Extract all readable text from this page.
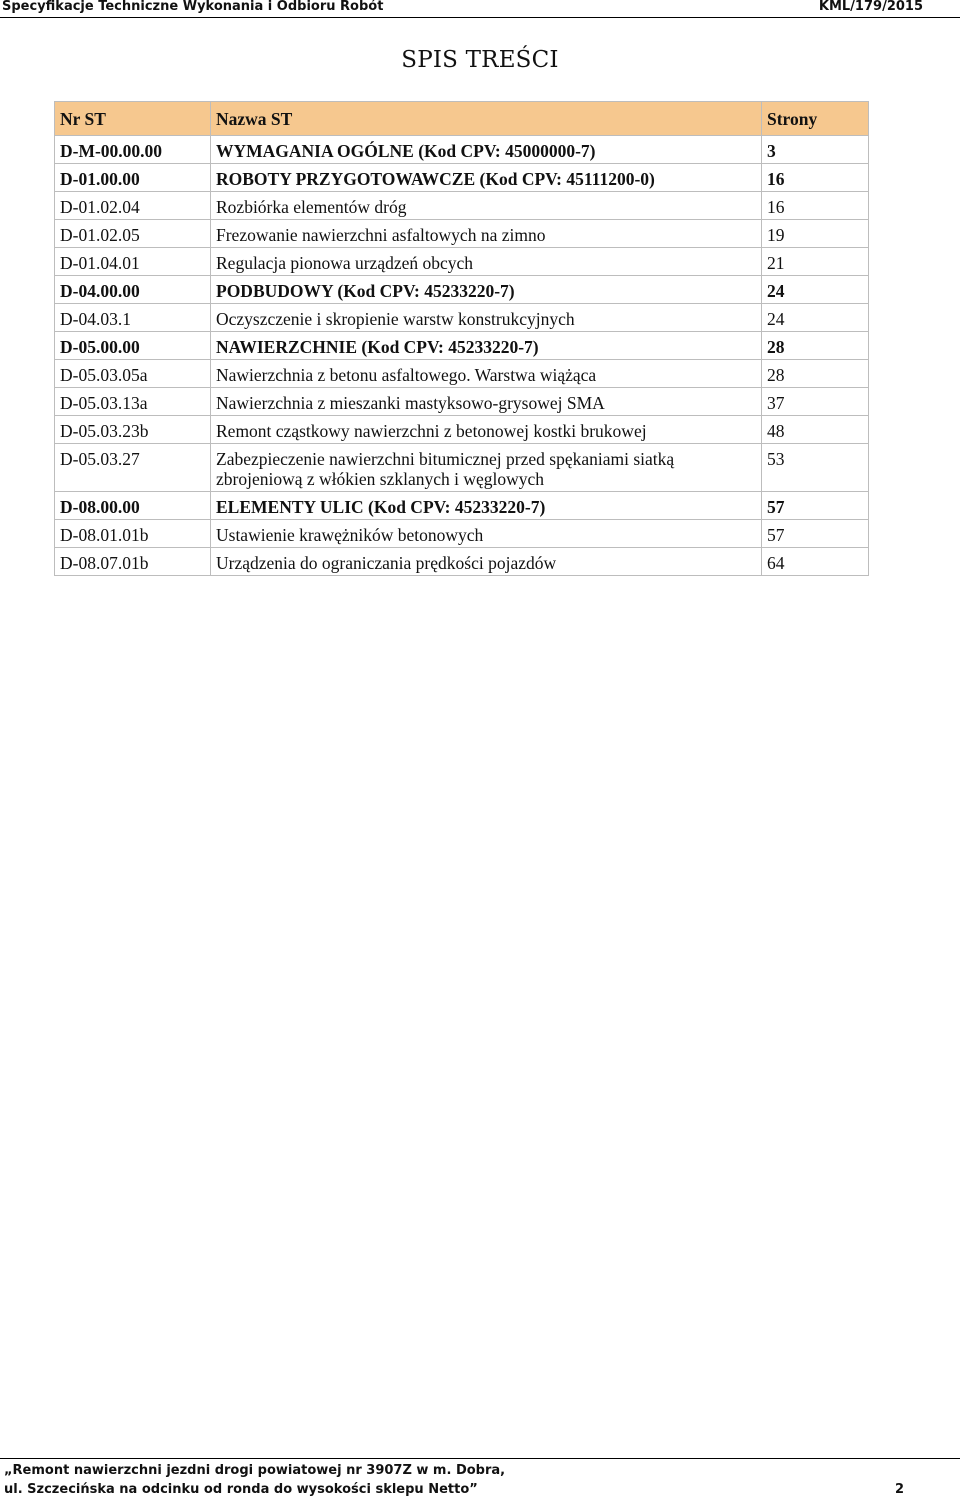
Specyfikacje Techniczne Wykonania i Odbioru Robót	KML/179/2015
SPIS TREŚCI
Nr ST	Nazwa ST	Strony
D-M-00.00.00	WYMAGANIA OGÓLNE (Kod CPV: 45000000-7)	3
D-01.00.00	ROBOTY PRZYGOTOWAWCZE (Kod CPV: 45111200-0)	16
D-01.02.04	Rozbiórka elementów dróg	16
D-01.02.05	Frezowanie nawierzchni asfaltowych na zimno	19
D-01.04.01	Regulacja pionowa urządzeń obcych	21
D-04.00.00	PODBUDOWY (Kod CPV: 45233220-7)	24
D-04.03.1	Oczyszczenie i skropienie warstw konstrukcyjnych	24
D-05.00.00	NAWIERZCHNIE (Kod CPV: 45233220-7)	28
D-05.03.05a	Nawierzchnia z betonu asfaltowego. Warstwa wiążąca	28
D-05.03.13a	Nawierzchnia z mieszanki mastyksowo-grysowej SMA	37
D-05.03.23b	Remont cząstkowy nawierzchni z betonowej kostki brukowej	48
D-05.03.27	Zabezpieczenie nawierzchni bitumicznej przed spękaniami siatką zbrojeniową z włókien szklanych i węglowych	53
D-08.00.00	ELEMENTY ULIC (Kod CPV: 45233220-7)	57
D-08.01.01b	Ustawienie krawężników betonowych	57
D-08.07.01b	Urządzenia do ograniczania prędkości pojazdów	64
„Remont nawierzchni jezdni drogi powiatowej nr 3907Z w m. Dobra,
ul. Szczecińska na odcinku od ronda do wysokości sklepu Netto”	2
